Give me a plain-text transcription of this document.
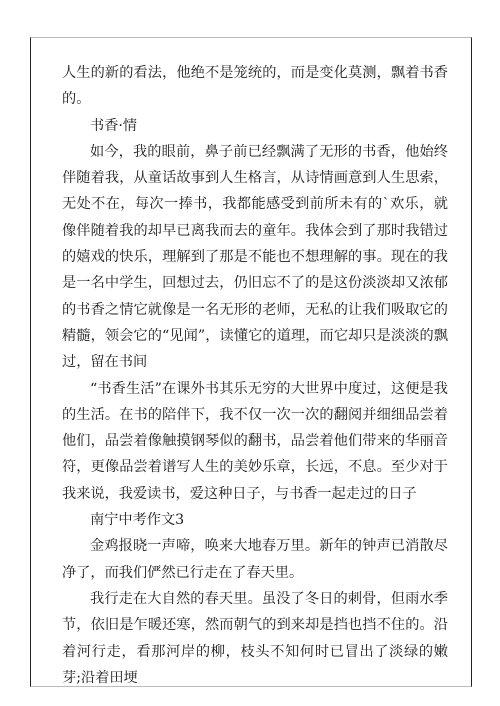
人生的新的看法，他绝不是笼统的，而是变化莫测，飘着书香的。

书香·情

如今，我的眼前，鼻子前已经飘满了无形的书香，他始终伴随着我，从童话故事到人生格言，从诗情画意到人生思索，无处不在，每次一捧书，我都能感受到前所未有的`欢乐，就像伴随着我的却早已离我而去的童年。我体会到了那时我错过的嬉戏的快乐，理解到了那是不能也不想理解的事。现在的我是一名中学生，回想过去，仍旧忘不了的是这份淡淡却又浓郁的书香之情它就像是一名无形的老师，无私的让我们吸取它的精髓，领会它的“见闻”，读懂它的道理，而它却只是淡淡的飘过，留在书间

“书香生活”在课外书其乐无穷的大世界中度过，这便是我的生活。在书的陪伴下，我不仅一次一次的翻阅并细细品尝着他们，品尝着像触摸钢琴似的翻书，品尝着他们带来的华丽音符，更像品尝着谱写人生的美妙乐章，长远，不息。至少对于我来说，我爱读书，爱这种日子，与书香一起走过的日子

南宁中考作文3

金鸡报晓一声啼，唤来大地春万里。新年的钟声已消散尽净了，而我们俨然已行走在了春天里。

我行走在大自然的春天里。虽没了冬日的刺骨，但雨水季节，依旧是乍暖还寒，然而朝气的到来却是挡也挡不住的。沿着河行走，看那河岸的柳，枝头不知何时已冒出了淡绿的嫩芽;沿着田埂
